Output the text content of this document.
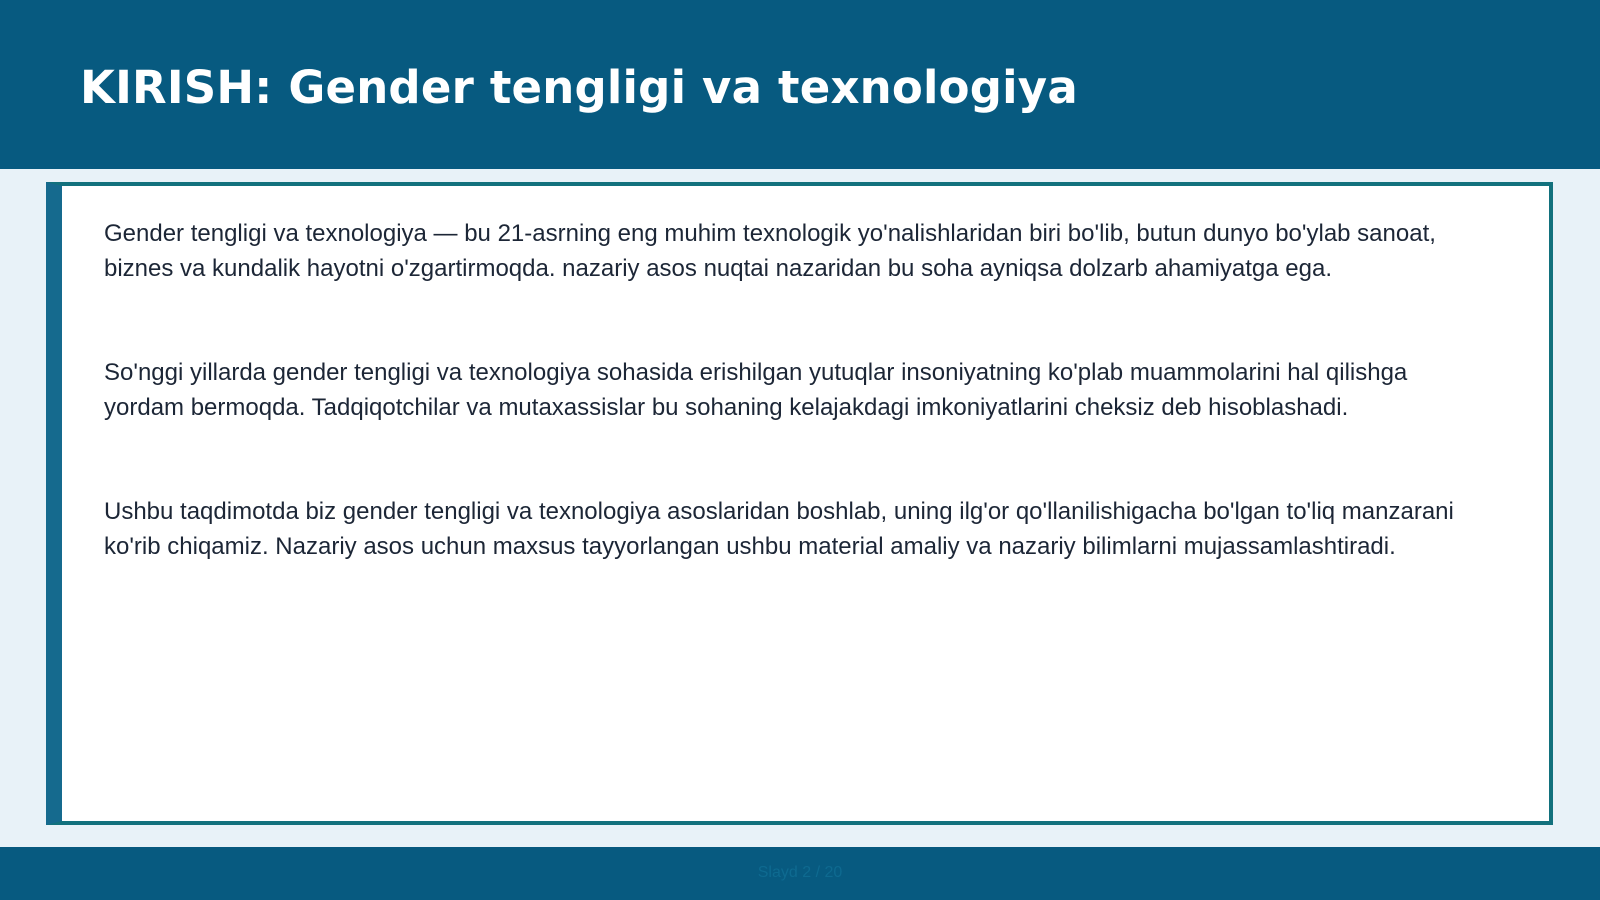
KIRISH: Gender tengligi va texnologiya

Gender tengligi va texnologiya — bu 21-asrning eng muhim texnologik yo'nalishlaridan biri bo'lib, butun dunyo bo'ylab sanoat, biznes va kundalik hayotni o'zgartirmoqda. nazariy asos nuqtai nazaridan bu soha ayniqsa dolzarb ahamiyatga ega.

So'nggi yillarda gender tengligi va texnologiya sohasida erishilgan yutuqlar insoniyatning ko'plab muammolarini hal qilishga yordam bermoqda. Tadqiqotchilar va mutaxassislar bu sohaning kelajakdagi imkoniyatlarini cheksiz deb hisoblashadi.

Ushbu taqdimotda biz gender tengligi va texnologiya asoslaridan boshlab, uning ilg'or qo'llanilishigacha bo'lgan to'liq manzarani ko'rib chiqamiz. Nazariy asos uchun maxsus tayyorlangan ushbu material amaliy va nazariy bilimlarni mujassamlashtiradi.

Slayd 2 / 20
